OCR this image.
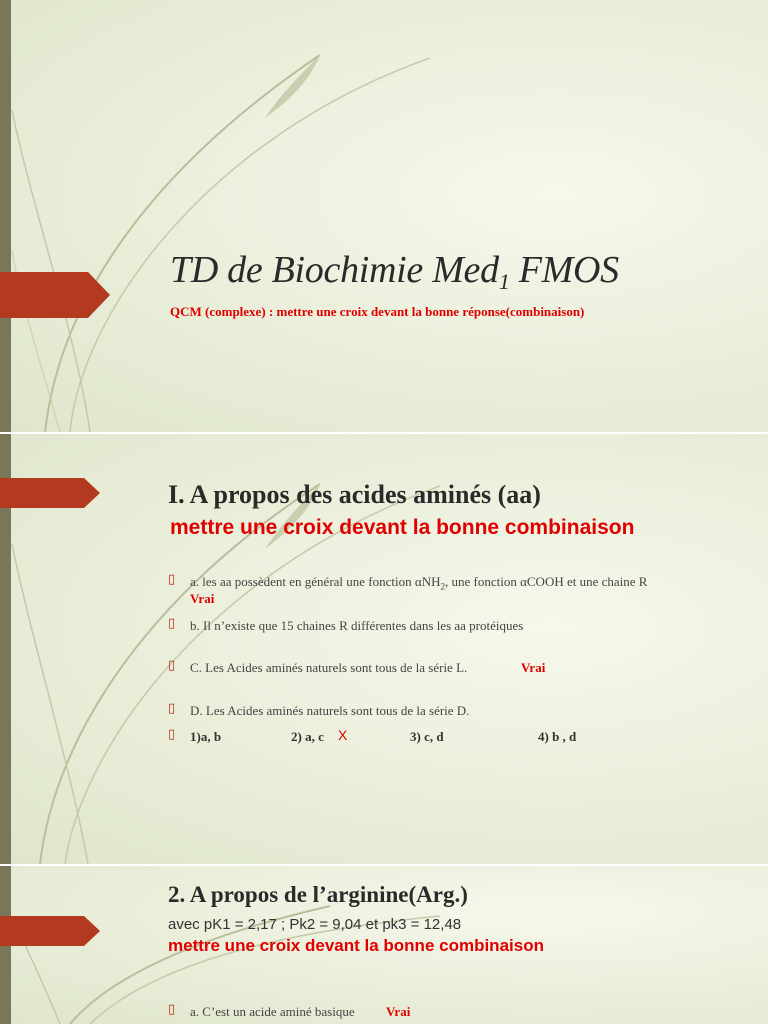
TD de Biochimie Med$_1$ FMOS
QCM (complexe) : mettre une croix devant la bonne réponse(combinaison)
I. A propos des acides aminés (aa)
mettre une croix devant la bonne combinaison
▯ a. les aa possèdent en général une fonction αNH$_2$, une fonction αCOOH et une chaine R
Vrai
▯ b. Il n’existe que 15 chaines R différentes dans les aa protéiques
▯ C. Les Acides aminés naturels sont tous de la série L.	Vrai
▯ D. Les Acides aminés naturels sont tous de la série D.
▯ 1)a, b	2) a, c X	3) c, d	4) b , d
2. A propos de l’arginine(Arg.)
avec pK1 = 2,17 ; Pk2 = 9,04 et pk3 = 12,48
mettre une croix devant la bonne combinaison
▯ a. C’est un acide aminé basique Vrai
